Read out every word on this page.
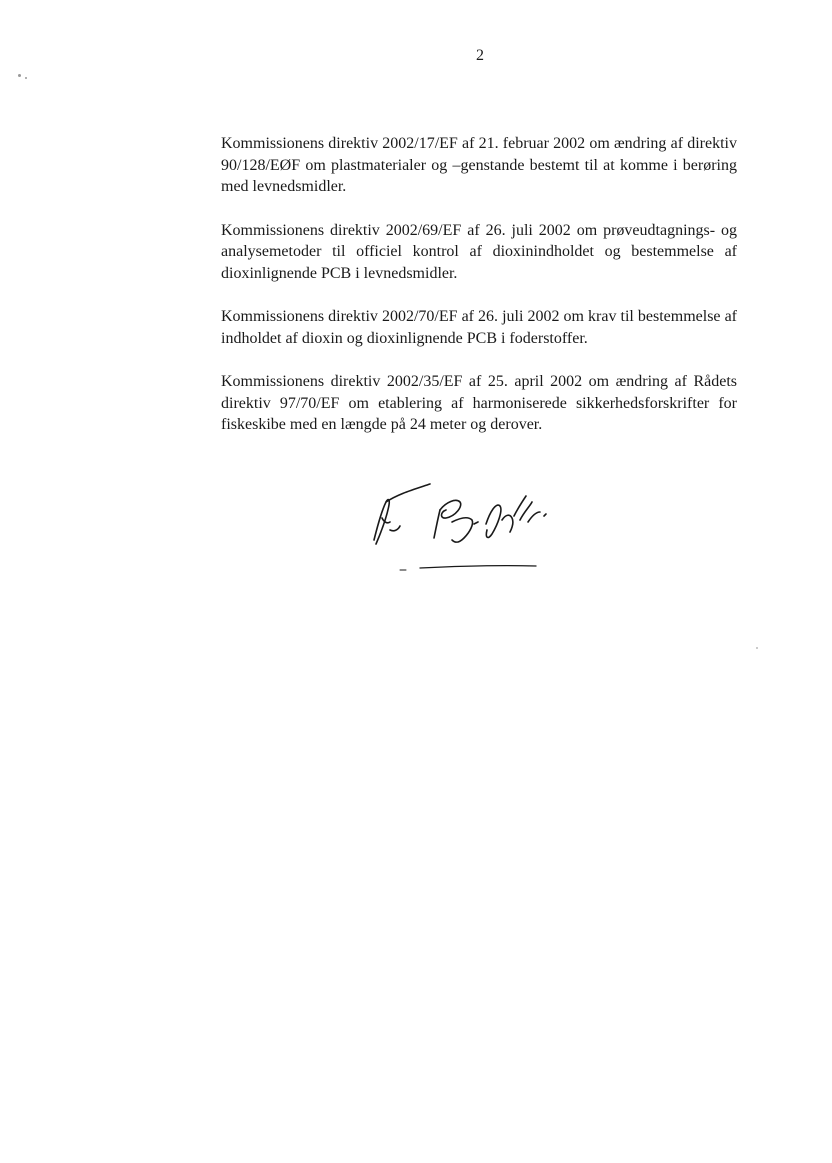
2

Kommissionens direktiv 2002/17/EF af 21. februar 2002 om ændring af direktiv 90/128/EØF om plastmaterialer og –genstande bestemt til at komme i berøring med levnedsmidler.

Kommissionens direktiv 2002/69/EF af 26. juli 2002 om prøveudtagnings- og analysemetoder til officiel kontrol af dioxinindholdet og bestemmelse af dioxinlignende PCB i levnedsmidler.

Kommissionens direktiv 2002/70/EF af 26. juli 2002 om krav til bestemmelse af indholdet af dioxin og dioxinlignende PCB i foderstoffer.

Kommissionens direktiv 2002/35/EF af 25. april 2002 om ændring af Rådets direktiv 97/70/EF om etablering af harmoniserede sikkerhedsforskrifter for fiskeskibe med en længde på 24 meter og derover.
